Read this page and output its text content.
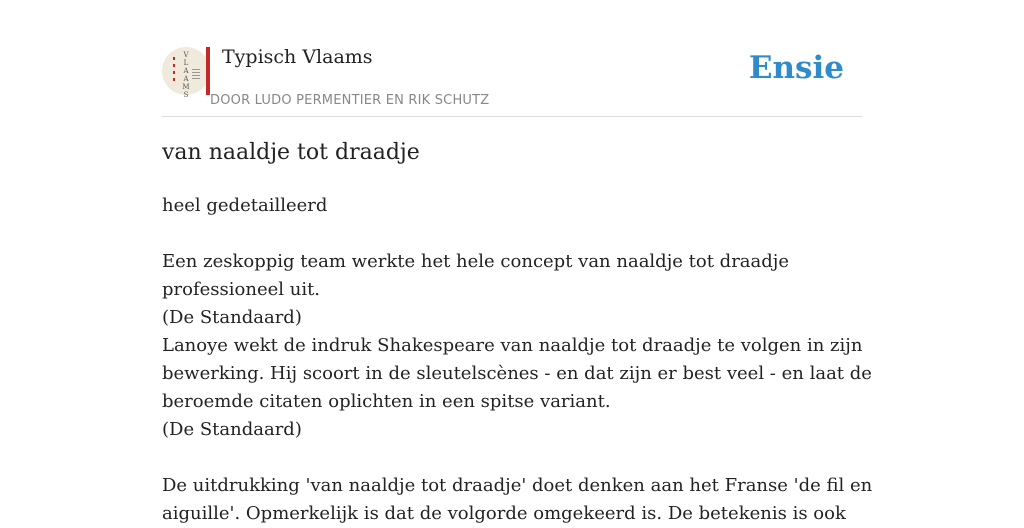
V
L
A
A
M
S
Typisch Vlaams
DOOR LUDO PERMENTIER EN RIK SCHUTZ
Ensie
van naaldje tot draadje

heel gedetailleerd

Een zeskoppig team werkte het hele concept van naaldje tot draadje

professioneel uit.

(De Standaard)

Lanoye wekt de indruk Shakespeare van naaldje tot draadje te volgen in zijn

bewerking. Hij scoort in de sleutelscènes - en dat zijn er best veel - en laat de

beroemde citaten oplichten in een spitse variant.

(De Standaard)

De uitdrukking 'van naaldje tot draadje' doet denken aan het Franse 'de fil en

aiguille'. Opmerkelijk is dat de volgorde omgekeerd is. De betekenis is ook
